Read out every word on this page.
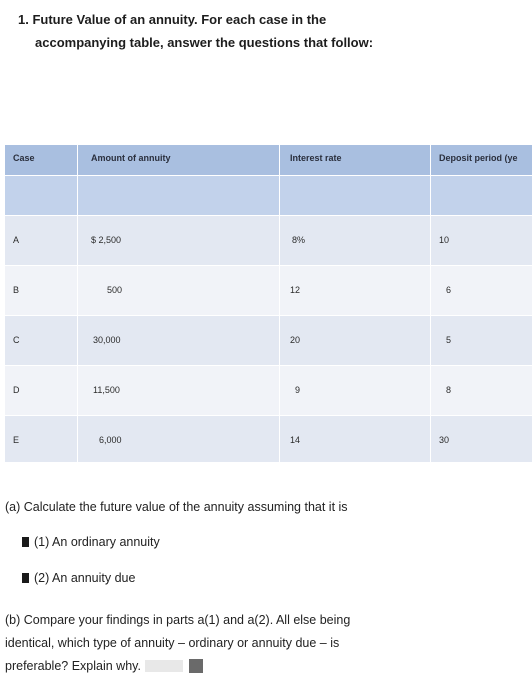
1. Future Value of an annuity. For each case in the
accompanying table, answer the questions that follow:
Case	Amount of annuity	Interest rate	Deposit period (ye
A	$ 2,500	8%	10
B	500	12	6
C	30,000	20	5
D	11,500	9	8
E	6,000	14	30
(a) Calculate the future value of the annuity assuming that it is
(1) An ordinary annuity
(2) An annuity due
(b) Compare your findings in parts a(1) and a(2). All else being
identical, which type of annuity – ordinary or annuity due – is
preferable? Explain why.
